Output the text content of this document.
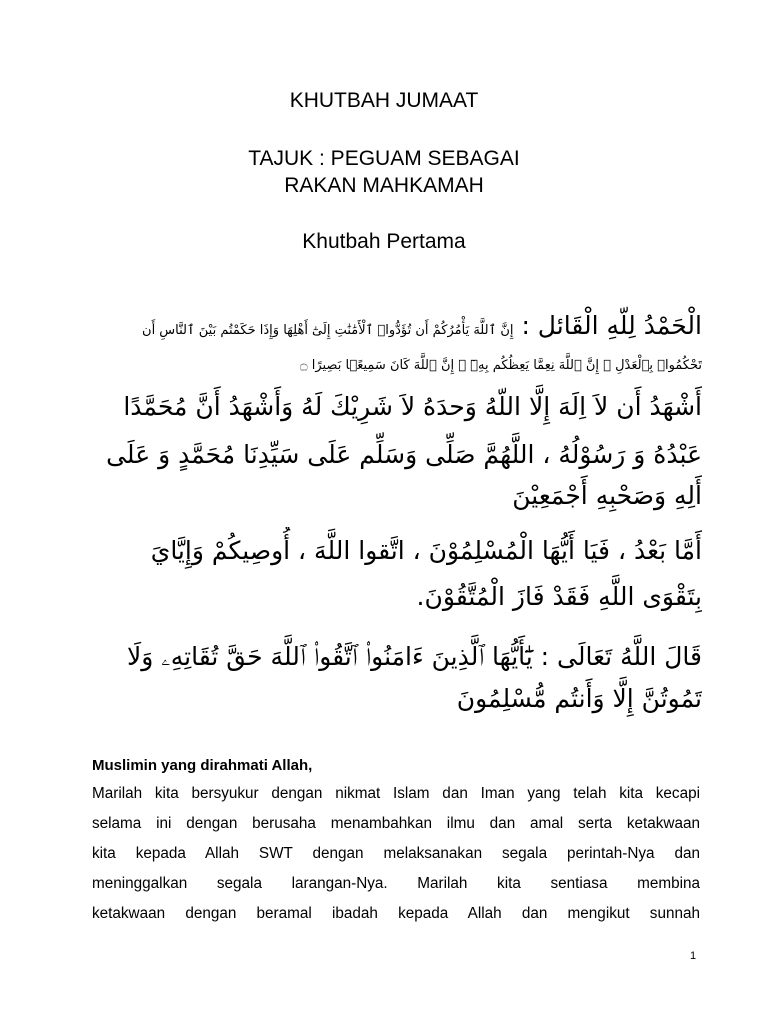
KHUTBAH JUMAAT
TAJUK : PEGUAM SEBAGAI
RAKAN MAHKAMAH
Khutbah Pertama
الْحَمْدُ لِلّهِ الْقَائل : إِنَّ ٱللَّهَ يَأْمُرُكُمْ أَن تُؤَدُّوا۟ ٱلْأَمَٰنَٰتِ إِلَىٰٓ أَهْلِهَا وَإِذَا حَكَمْتُم بَيْنَ ٱلنَّاسِ أَن
تَحْكُمُوا۟ بِٱلْعَدْلِ ۚ إِنَّ ٱللَّهَ نِعِمَّا يَعِظُكُم بِهِۦٓ ۗ إِنَّ ٱللَّهَ كَانَ سَمِيعًۢا بَصِيرًا ۝
أَشْهَدُ أَن لاَ اِلَهَ إِلَّا اللّهُ وَحدَهُ لاَ شَرِيْكَ لَهُ وَأَشْهَدُ أَنَّ مُحَمَّدًا
عَبْدُهُ وَ رَسُوْلُهُ ، اللَّهُمَّ صَلِّى وَسَلِّم عَلَى سَيِّدِنَا مُحَمَّدٍ وَ عَلَى
أَلِهِ وَصَحْبِهِ أَجْمَعِيْنَ
أَمَّا بَعْدُ ، فَيَا أَيُّهَا الْمُسْلِمُوْنَ ، اتَّقوا اللَّهَ ، أُوصِيكُمْ وَإِيَّايَ
بِتَقْوَى اللَّهِ فَقَدْ فَازَ الْمُتَّقُوْنَ.
قَالَ اللَّهُ تَعَالَى : يَٰٓأَيُّهَا ٱلَّذِينَ ءَامَنُوا۟ ٱتَّقُوا۟ ٱللَّهَ حَقَّ تُقَاتِهِۦ وَلَا
تَمُوتُنَّ إِلَّا وَأَنتُم مُّسْلِمُونَ
Muslimin yang dirahmati Allah,
Marilah kita bersyukur dengan nikmat Islam dan Iman yang telah kita kecapi
selama ini dengan berusaha menambahkan ilmu dan amal serta ketakwaan
kita kepada Allah SWT dengan melaksanakan segala perintah-Nya dan
meninggalkan segala larangan-Nya. Marilah kita sentiasa membina
ketakwaan dengan beramal ibadah kepada Allah dan mengikut sunnah
1
